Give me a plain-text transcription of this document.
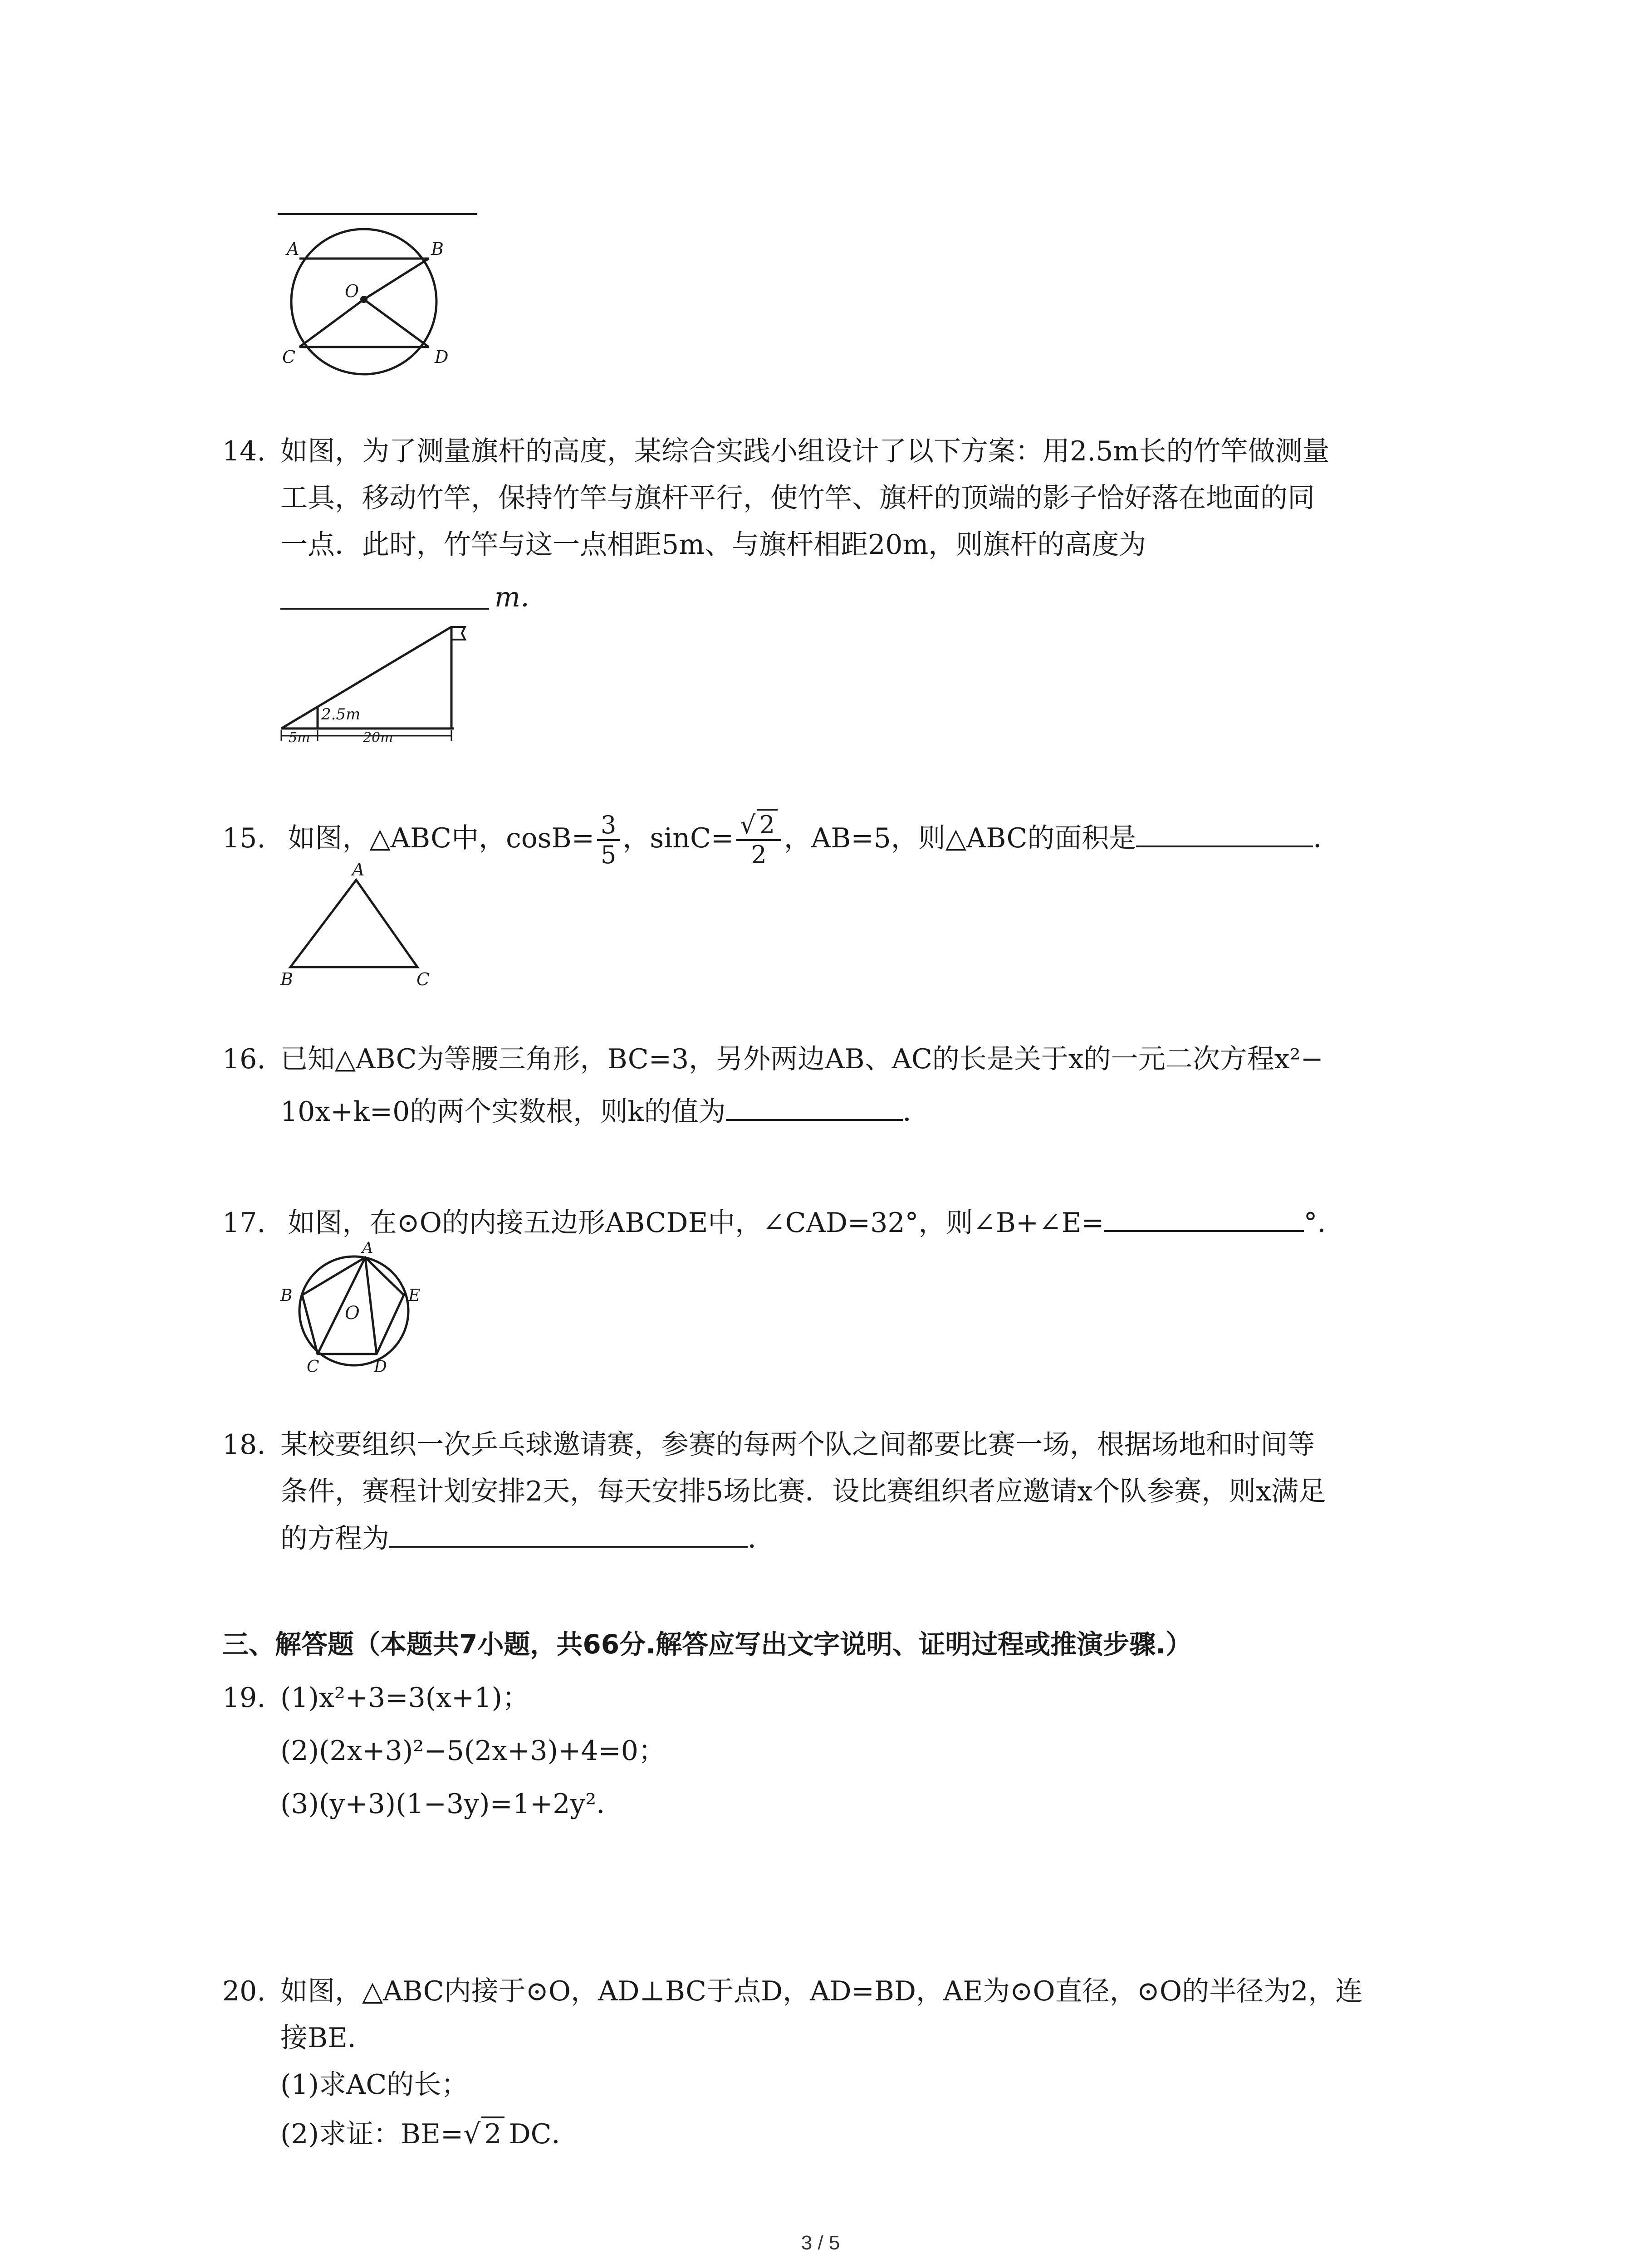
A	B
O
C	D

14. 如图，为了测量旗杆的高度，某综合实践小组设计了以下方案：用2.5m长的竹竿做测量

工具，移动竹竿，保持竹竿与旗杆平行，使竹竿、旗杆的顶端的影子恰好落在地面的同

一点．此时，竹竿与这一点相距5m、与旗杆相距20m，则旗杆的高度为

m．

2.5m
5m	20m
15. 如图，△ABC中，$\cos B= \frac{3}{5}$ ，$\sin C= \frac{√ 2}{2}$ ，AB=5，则△ABC的面积是	．
A
B	C

16. 已知△ABC为等腰三角形，BC=3，另外两边AB、AC的长是关于x的一元二次方程x²−

10x+k=0的两个实数根，则k的值为	．
17. 如图，在⊙O的内接五边形ABCDE中，∠CAD=32°，则∠B+∠E=	°．
A
B
O
E
C	D

18. 某校要组织一次乒乓球邀请赛，参赛的每两个队之间都要比赛一场，根据场地和时间等

条件，赛程计划安排2天，每天安排5场比赛．设比赛组织者应邀请x个队参赛，则x满足

的方程为	．

三、解答题（本题共7小题，共66分.解答应写出文字说明、证明过程或推演步骤.）

19. (1)x²+3=3(x+1)；

(2)(2x+3)²−5(2x+3)+4=0；

(3)(y+3)(1−3y)=1+2y²．

20. 如图，△ABC内接于⊙O，AD⊥BC于点D，AD=BD，AE为⊙O直径，⊙O的半径为2，连

接BE．

(1)求AC的长；

(2)求证：BE=√ 2 DC．
3 / 5
